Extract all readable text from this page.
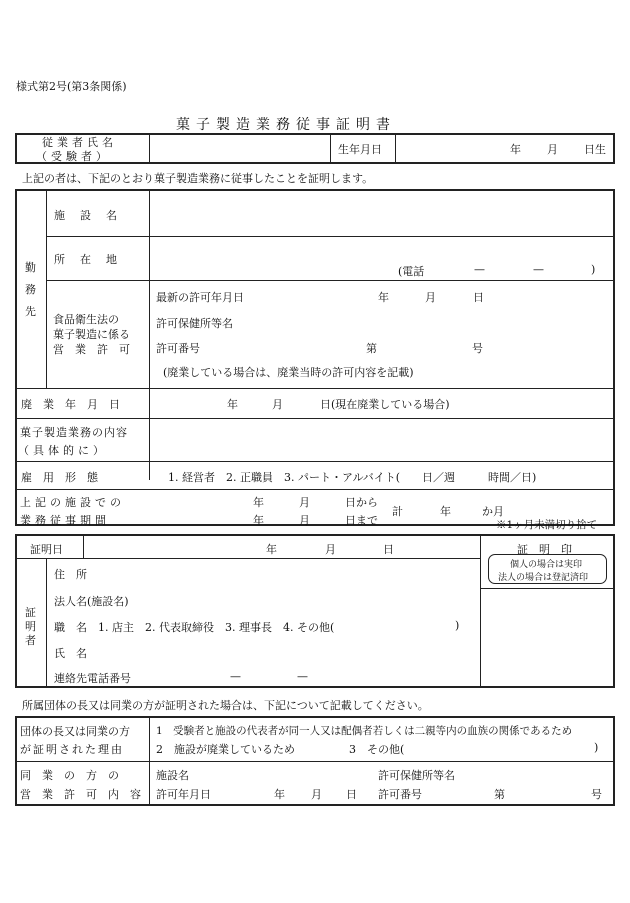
様式第2号(第3条関係)
菓子製造業務従事証明書
従業者氏名
（受験者）
生年月日	年 月 日生
上記の者は、下記のとおり菓子製造業務に従事したことを証明します。
勤
務
先
施　設　名
所　在　地
(電話	—	—	)
食品衛生法の
菓子製造に係る
営　業　許　可
最新の許可年月日	年	月	日
許可保健所等名
許可番号	第	号
(廃業している場合は、廃業当時の許可内容を記載)
廃　業　年　月　日	年	月	日(現在廃業している場合)
菓子製造業務の内容
（具体的に）
雇　用　形　態	1. 経営者　2. 正職員　3. パート・アルバイト(　　日／週　　　時間／日)
上記の施設での
業務従事期間
年	月	日から
年	月	日まで
計	年	か月
※1ヶ月未満切り捨て
証明日	年	月	日	証　明　印
個人の場合は実印
法人の場合は登記済印
証
明
者
住　所
法人名(施設名)
職　名　1. 店主　2. 代表取締役　3. 理事長　4. その他(	)
氏　名
連絡先電話番号	—	—
所属団体の長又は同業の方が証明された場合は、下記について記載してください。
団体の長又は同業の方
が証明された理由
1　受験者と施設の代表者が同一人又は配偶者若しくは二親等内の血族の関係であるため
2　施設が廃業しているため	3　その他(	)
同　業　の　方　の
営　業　許　可　内　容
施設名	許可保健所等名
許可年月日	年 月 日 許可番号	第	号
